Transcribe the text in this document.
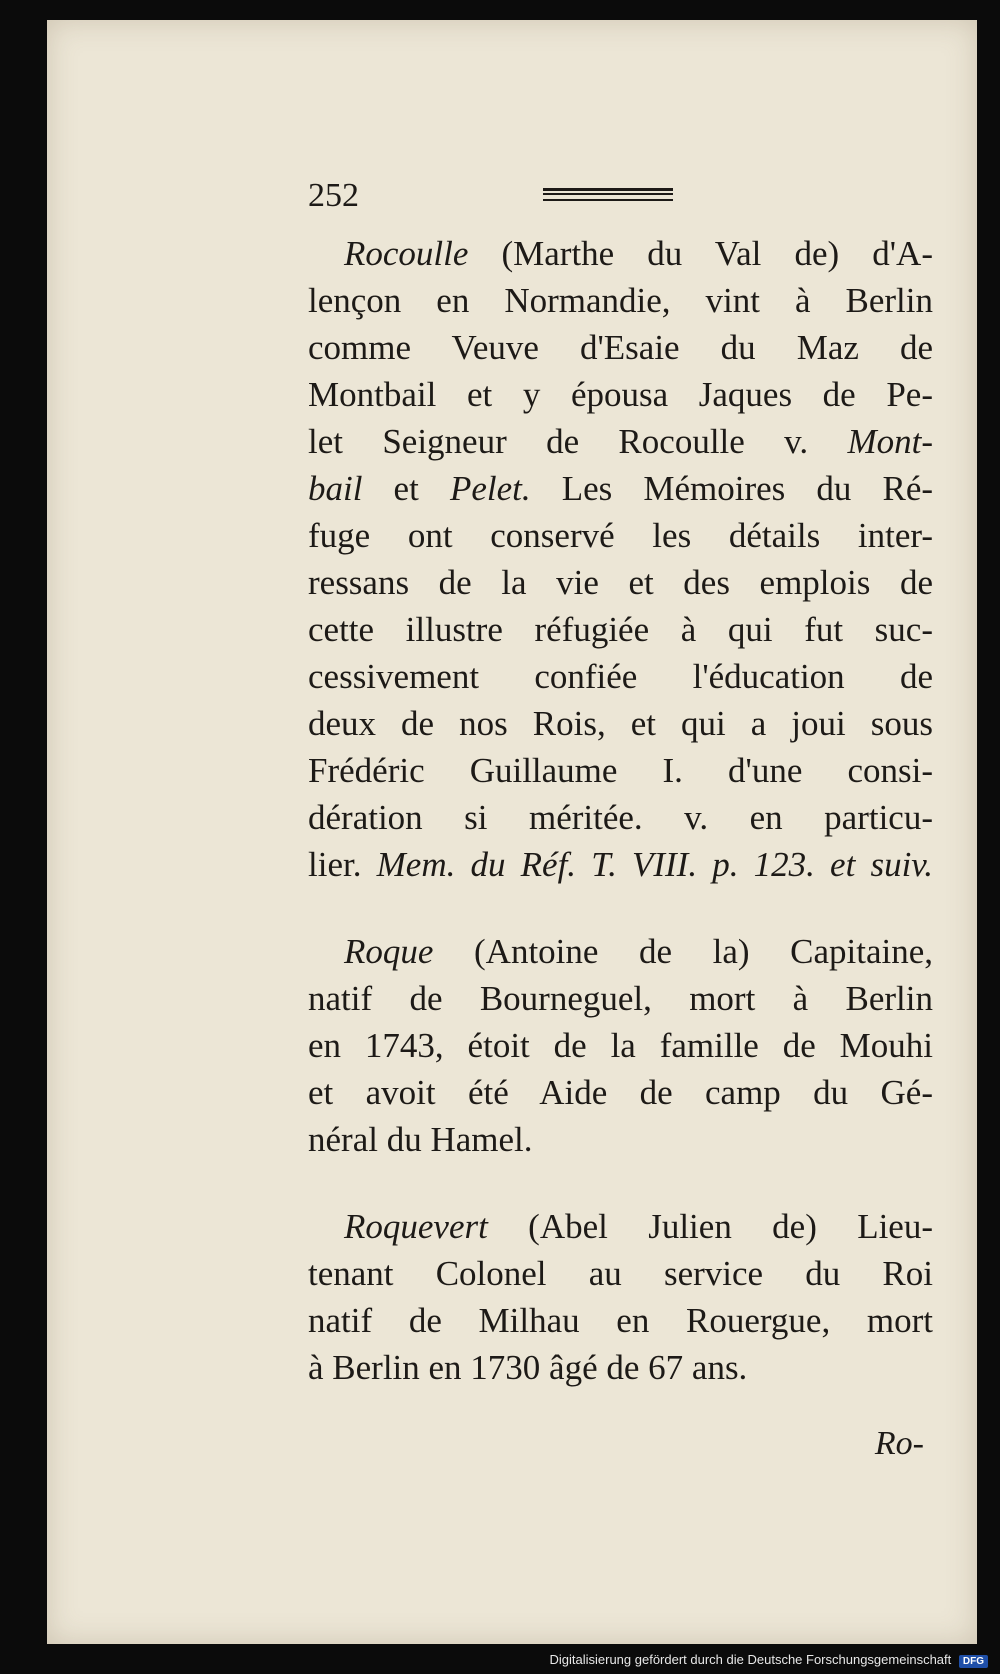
252
Rocoulle (Marthe du Val de) d'A-
lençon en Normandie, vint à Berlin
comme Veuve d'Esaie du Maz de
Montbail et y épousa Jaques de Pe-
let Seigneur de Rocoulle v. Mont-
bail et Pelet. Les Mémoires du Ré-
fuge ont conservé les détails inter-
ressans de la vie et des emplois de
cette illustre réfugiée à qui fut suc-
cessivement confiée l'éducation de
deux de nos Rois, et qui a joui sous
Frédéric Guillaume I. d'une consi-
dération si méritée. v. en particu-
lier. Mem. du Réf. T. VIII. p. 123. et suiv.
Roque (Antoine de la) Capitaine,
natif de Bourneguel, mort à Berlin
en 1743, étoit de la famille de Mouhi
et avoit été Aide de camp du Gé-
néral du Hamel.
Roquevert (Abel Julien de) Lieu-
tenant Colonel au service du Roi
natif de Milhau en Rouergue, mort
à Berlin en 1730 âgé de 67 ans.
Ro-
Digitalisierung gefördert durch die Deutsche Forschungsgemeinschaft DFG
